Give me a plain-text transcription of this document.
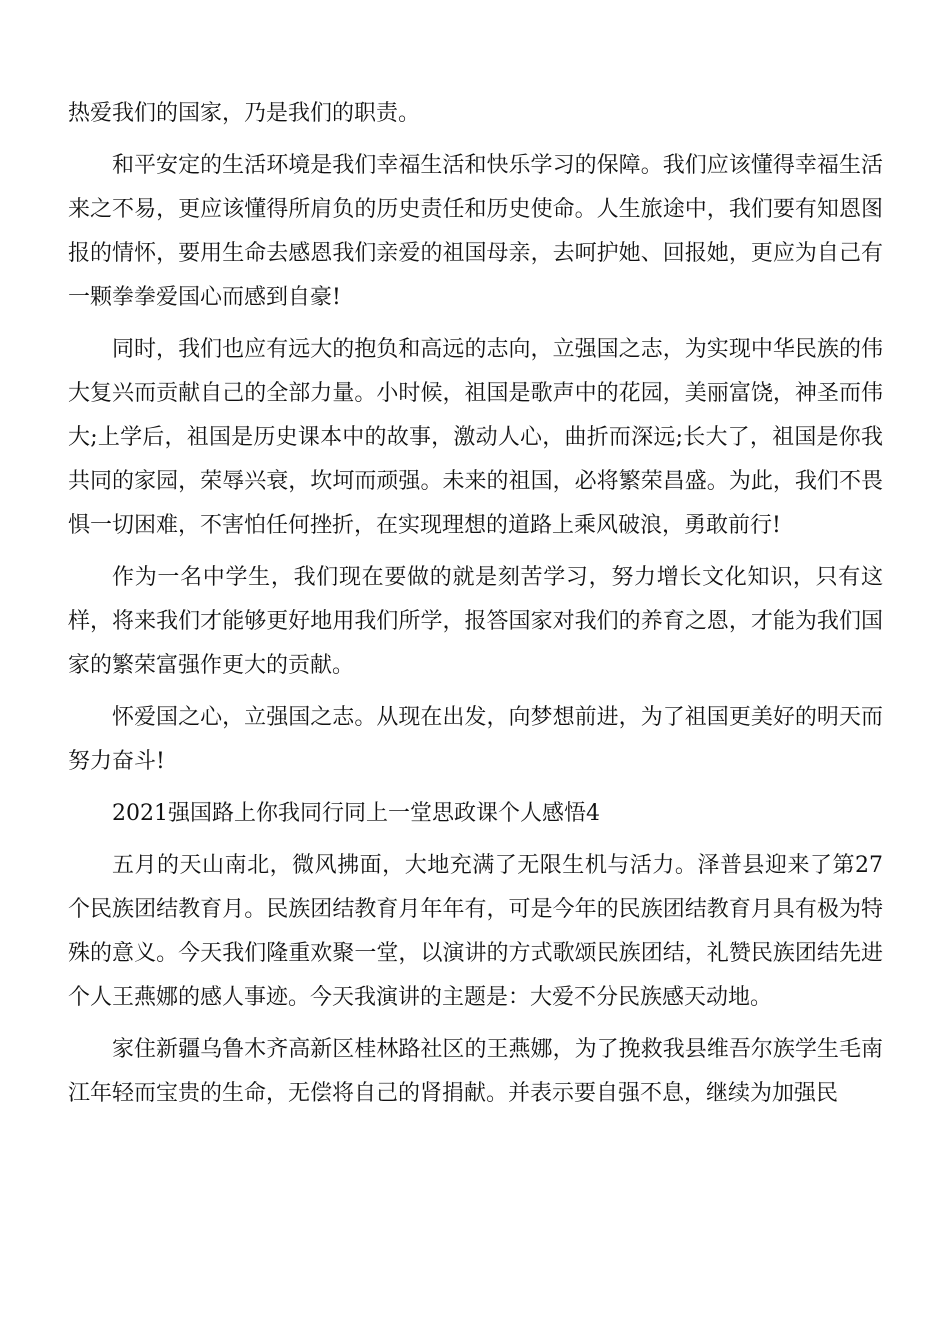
热爱我们的国家，乃是我们的职责。

和平安定的生活环境是我们幸福生活和快乐学习的保障。我们应该懂得幸福生活来之不易，更应该懂得所肩负的历史责任和历史使命。人生旅途中，我们要有知恩图报的情怀，要用生命去感恩我们亲爱的祖国母亲，去呵护她、回报她，更应为自己有一颗拳拳爱国心而感到自豪!

同时，我们也应有远大的抱负和高远的志向，立强国之志，为实现中华民族的伟大复兴而贡献自己的全部力量。小时候，祖国是歌声中的花园，美丽富饶，神圣而伟大;上学后，祖国是历史课本中的故事，激动人心，曲折而深远;长大了，祖国是你我共同的家园，荣辱兴衰，坎坷而顽强。未来的祖国，必将繁荣昌盛。为此，我们不畏惧一切困难，不害怕任何挫折，在实现理想的道路上乘风破浪，勇敢前行!

作为一名中学生，我们现在要做的就是刻苦学习，努力增长文化知识，只有这样，将来我们才能够更好地用我们所学，报答国家对我们的养育之恩，才能为我们国家的繁荣富强作更大的贡献。

怀爱国之心，立强国之志。从现在出发，向梦想前进，为了祖国更美好的明天而努力奋斗!

2021强国路上你我同行同上一堂思政课个人感悟4

五月的天山南北，微风拂面，大地充满了无限生机与活力。泽普县迎来了第27个民族团结教育月。民族团结教育月年年有，可是今年的民族团结教育月具有极为特殊的意义。今天我们隆重欢聚一堂，以演讲的方式歌颂民族团结，礼赞民族团结先进个人王燕娜的感人事迹。今天我演讲的主题是：大爱不分民族感天动地。

家住新疆乌鲁木齐高新区桂林路社区的王燕娜，为了挽救我县维吾尔族学生毛南江年轻而宝贵的生命，无偿将自己的肾捐献。并表示要自强不息，继续为加强民
